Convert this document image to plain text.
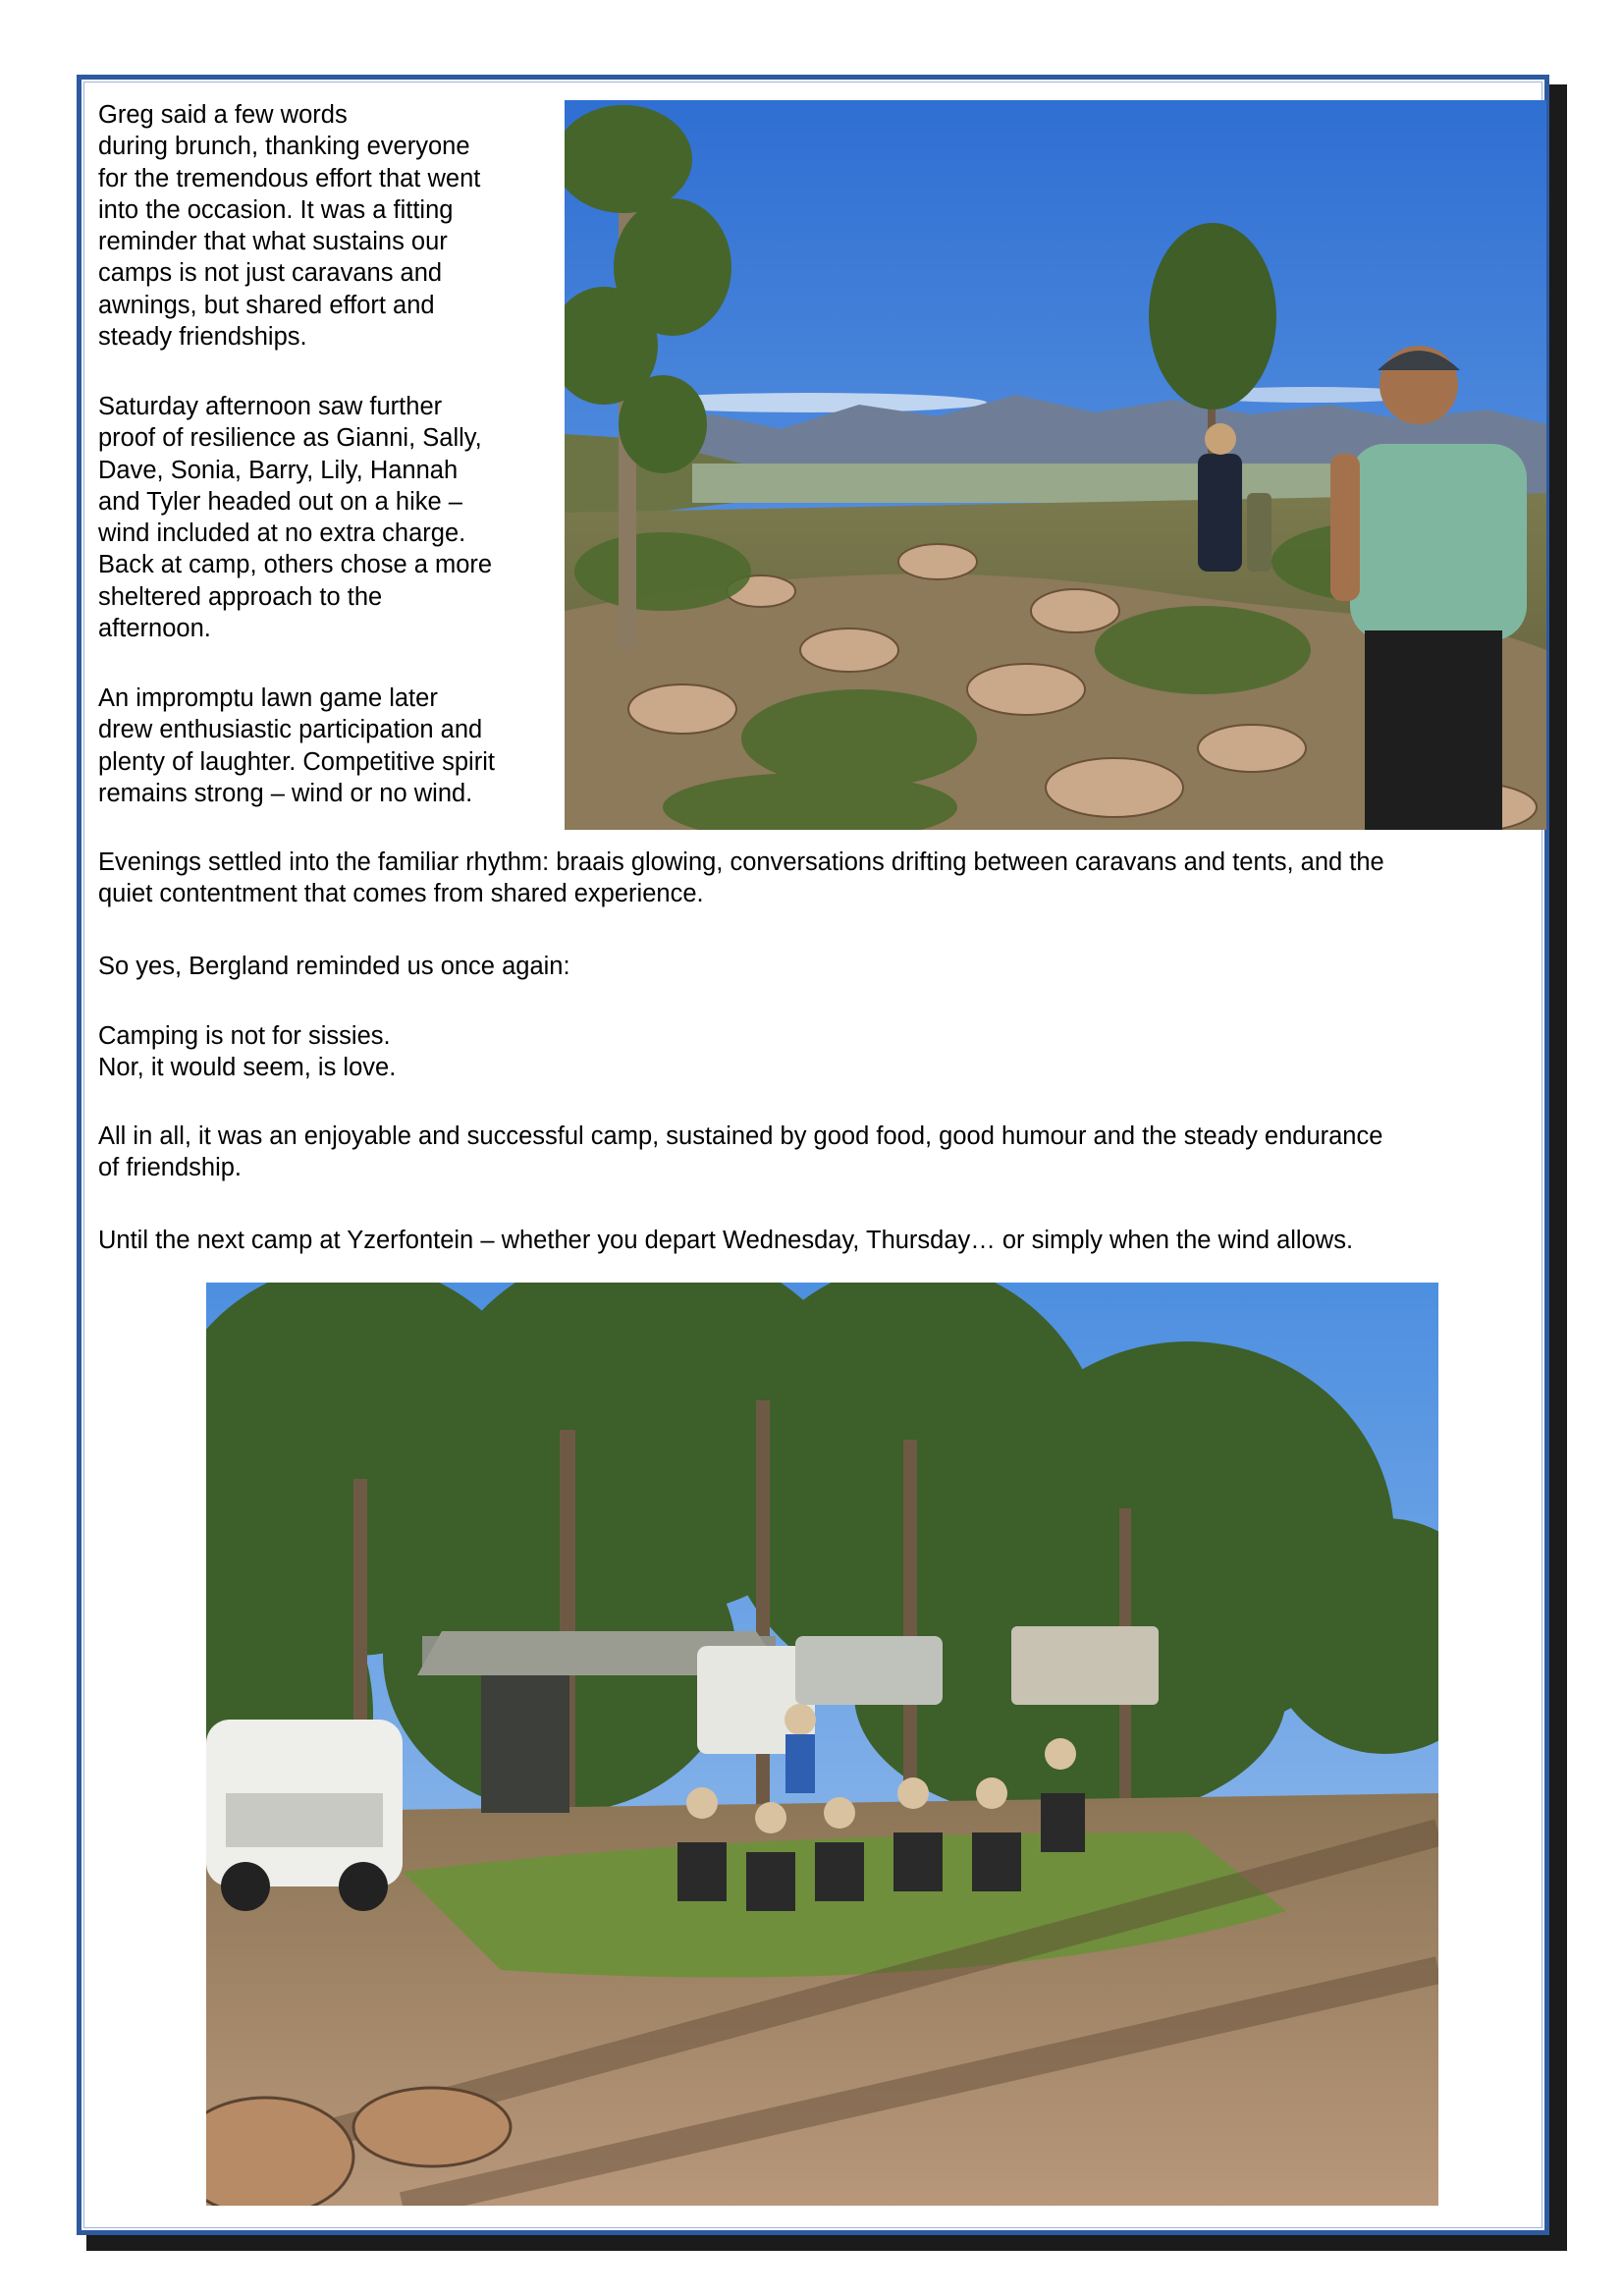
Greg said a few words
during brunch, thanking everyone
for the tremendous effort that went
into the occasion. It was a fitting
reminder that what sustains our
camps is not just caravans and
awnings, but shared effort and
steady friendships.
Saturday afternoon saw further
proof of resilience as Gianni, Sally,
Dave, Sonia, Barry, Lily, Hannah
and Tyler headed out on a hike –
wind included at no extra charge.
Back at camp, others chose a more
sheltered approach to the
afternoon.
An impromptu lawn game later
drew enthusiastic participation and
plenty of laughter. Competitive spirit
remains strong – wind or no wind.
Evenings settled into the familiar rhythm: braais glowing, conversations drifting between caravans and tents, and the
quiet contentment that comes from shared experience.
So yes, Bergland reminded us once again:
Camping is not for sissies.
Nor, it would seem, is love.
All in all, it was an enjoyable and successful camp, sustained by good food, good humour and the steady endurance
of friendship.
Until the next camp at Yzerfontein – whether you depart Wednesday, Thursday… or simply when the wind allows.
